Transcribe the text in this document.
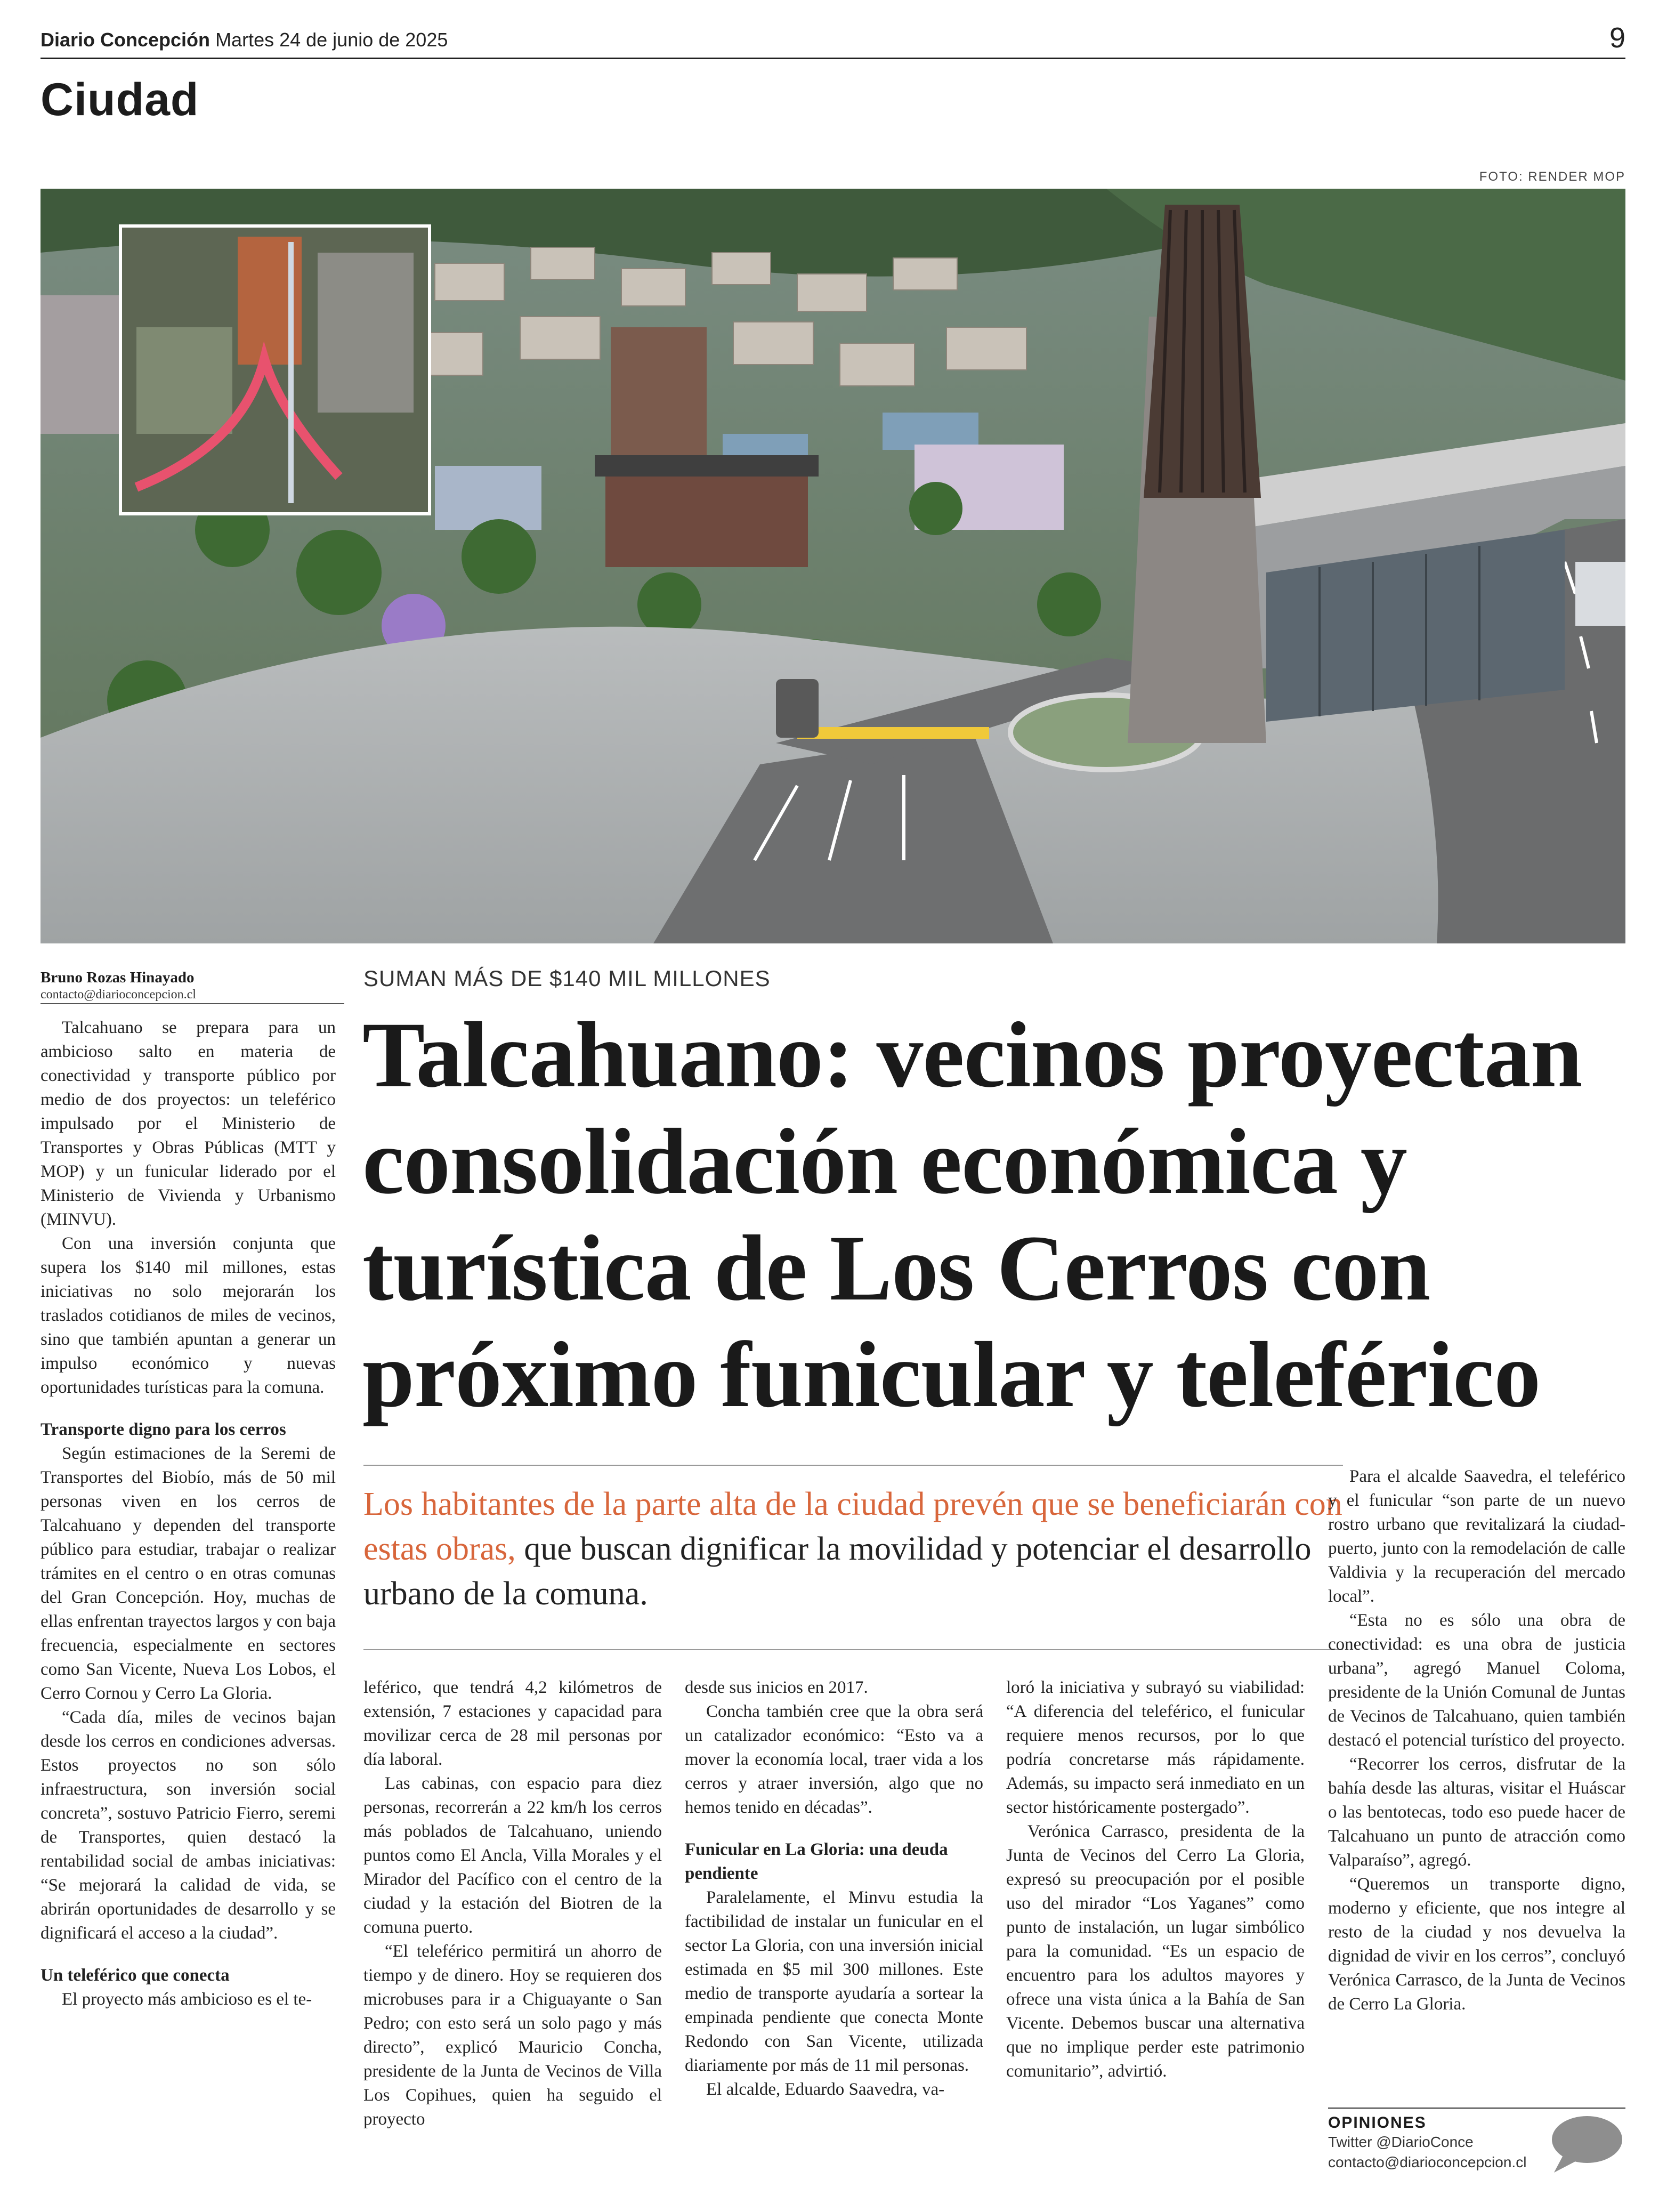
Diario Concepción Martes 24 de junio de 2025	9
Ciudad
FOTO: RENDER MOP
Bruno Rozas Hinayado
contacto@diarioconcepcion.cl
SUMAN MÁS DE $140 MIL MILLONES
Talcahuano: vecinos proyectan consolidación económica y turística de Los Cerros con próximo funicular y teleférico
Los habitantes de la parte alta de la ciudad prevén que se beneficiarán con estas obras, que buscan dignificar la movilidad y potenciar el desarrollo urbano de la comuna.

Talcahuano se prepara para un ambicioso salto en materia de conectividad y transporte público por medio de dos proyectos: un teleférico impulsado por el Ministerio de Transportes y Obras Públicas (MTT y MOP) y un funicular liderado por el Ministerio de Vivienda y Urbanismo (MINVU).

Con una inversión conjunta que supera los $140 mil millones, estas iniciativas no solo mejorarán los traslados cotidianos de miles de vecinos, sino que también apuntan a generar un impulso económico y nuevas oportunidades turísticas para la comuna.

Transporte digno para los cerros

Según estimaciones de la Seremi de Transportes del Biobío, más de 50 mil personas viven en los cerros de Talcahuano y dependen del transporte público para estudiar, trabajar o realizar trámites en el centro o en otras comunas del Gran Concepción. Hoy, muchas de ellas enfrentan trayectos largos y con baja frecuencia, especialmente en sectores como San Vicente, Nueva Los Lobos, el Cerro Cornou y Cerro La Gloria.

“Cada día, miles de vecinos bajan desde los cerros en condiciones adversas. Estos proyectos no son sólo infraestructura, son inversión social concreta”, sostuvo Patricio Fierro, seremi de Transportes, quien destacó la rentabilidad social de ambas iniciativas: “Se mejorará la calidad de vida, se abrirán oportunidades de desarrollo y se dignificará el acceso a la ciudad”.

Un teleférico que conecta

El proyecto más ambicioso es el te-

leférico, que tendrá 4,2 kilómetros de extensión, 7 estaciones y capacidad para movilizar cerca de 28 mil personas por día laboral.

Las cabinas, con espacio para diez personas, recorrerán a 22 km/h los cerros más poblados de Talcahuano, uniendo puntos como El Ancla, Villa Morales y el Mirador del Pacífico con el centro de la ciudad y la estación del Biotren de la comuna puerto.

“El teleférico permitirá un ahorro de tiempo y de dinero. Hoy se requieren dos microbuses para ir a Chiguayante o San Pedro; con esto será un solo pago y más directo”, explicó Mauricio Concha, presidente de la Junta de Vecinos de Villa Los Copihues, quien ha seguido el proyecto

desde sus inicios en 2017.

Concha también cree que la obra será un catalizador económico: “Esto va a mover la economía local, traer vida a los cerros y atraer inversión, algo que no hemos tenido en décadas”.

Funicular en La Gloria: una deuda pendiente

Paralelamente, el Minvu estudia la factibilidad de instalar un funicular en el sector La Gloria, con una inversión inicial estimada en $5 mil 300 millones. Este medio de transporte ayudaría a sortear la empinada pendiente que conecta Monte Redondo con San Vicente, utilizada diariamente por más de 11 mil personas.

El alcalde, Eduardo Saavedra, va-

loró la iniciativa y subrayó su viabilidad: “A diferencia del teleférico, el funicular requiere menos recursos, por lo que podría concretarse más rápidamente. Además, su impacto será inmediato en un sector históricamente postergado”.

Verónica Carrasco, presidenta de la Junta de Vecinos del Cerro La Gloria, expresó su preocupación por el posible uso del mirador “Los Yaganes” como punto de instalación, un lugar simbólico para la comunidad. “Es un espacio de encuentro para los adultos mayores y ofrece una vista única a la Bahía de San Vicente. Debemos buscar una alternativa que no implique perder este patrimonio comunitario”, advirtió.

Para el alcalde Saavedra, el teleférico y el funicular “son parte de un nuevo rostro urbano que revitalizará la ciudad-puerto, junto con la remodelación de calle Valdivia y la recuperación del mercado local”.

“Esta no es sólo una obra de conectividad: es una obra de justicia urbana”, agregó Manuel Coloma, presidente de la Unión Comunal de Juntas de Vecinos de Talcahuano, quien también destacó el potencial turístico del proyecto.

“Recorrer los cerros, disfrutar de la bahía desde las alturas, visitar el Huáscar o las bentotecas, todo eso puede hacer de Talcahuano un punto de atracción como Valparaíso”, agregó.

“Queremos un transporte digno, moderno y eficiente, que nos integre al resto de la ciudad y nos devuelva la dignidad de vivir en los cerros”, concluyó Verónica Carrasco, de la Junta de Vecinos de Cerro La Gloria.

OPINIONES
Twitter @DiarioConce
contacto@diarioconcepcion.cl
